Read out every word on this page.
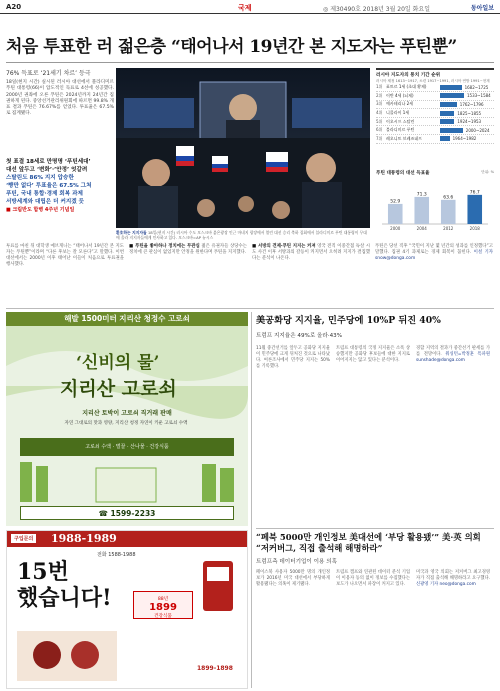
A20	국제	◎ 제30490호 2018년 3월 20일 화요일	동아일보
처음 투표한 러 젊은층 “태어나서 19년간 본 지도자는 푸틴뿐”
76% 득표로 ‘21세기 차르’ 등극
18일(현지 시간) 실시된 러시아 대선에서 블라디미르 푸틴 대통령(66)이 압도적인 득표로 4선에 성공했다. 2000년 권좌에 오른 푸틴은 2024년까지 24년간 집권하게 된다. 중앙선거관리위원회에 따르면 99.8% 개표 결과 푸틴은 76.67%를 얻었다. 투표율은 67.5%로 집계됐다.
첫 표결 18세로 만명명 ‘푸틴세대’
대선 앞두고 ‘변화’·’안정’ 엇갈려
스탈린도 86% 지지 압승한
‘빵만 없다’ 투표율은 67.5% 그쳐
푸틴, 국내 통합·경제 회복 과제
서방세계와 대립은 더 커지겠 듯
■ 크림반도 합병 4주년 기념일
환호하는 지지자들 18일(현지 시간) 러시아 수도 모스크바 붉은광장 인근 마네지 광장에서 열린 대선 승리 축하 집회에서 블라디미르 푸틴 대통령이 무대에 올라 지지자들에게 인사하고 있다. 모스크바=AP 뉴시스
러시아 지도자의 통치 기간 순위
러시아 제정 1613~1917, 소련 1917~1991, 러시아 연방 1991~현재
1위 표트르 1세 (초대 황제)	1682~1725
2위 이반 4세 (뇌제)	1533~1584
3위 예카테리나 2세	1762~1796
4위 니콜라이 1세	1825~1855
5위 이오시프 스탈린	1924~1953
6위 블라디미르 푸틴	2000~2024
7위 레오니트 브레즈네프	1964~1982
푸틴 대통령의 대선 득표율	단위: %
52.9
2000
71.3
2004
63.6
2012
76.7
2018
투표를 마친 뒤 대학생 예브게니는 “태어나서 19년간 본 지도자는 푸틴뿐”이라며 “다른 후보는 잘 모른다”고 말했다. 이번 대선에서는 2000년 이후 태어난 이들이 처음으로 투표권을 행사했다.
■ 푸틴을 좋아하나 정치에는 무관심 젊은 유권자들 상당수는 정치에 큰 관심이 없었지만 안정을 원한다며 푸틴을 지지했다.
■ 서방의 견제·푸틴 지지는 커져 영국 전직 이중간첩 독살 시도 사건 이후 서방과의 갈등이 커지면서 오히려 지지가 결집했다는 분석이 나온다.
푸틴은 당선 직후 “국민이 지난 몇 년간의 성과를 인정했다”고 말했다. 집권 4기 과제로는 경제 회복이 꼽힌다. 이설 기자 snow@donga.com
해발 1500미터 지리산 청정수 고로쇠
‘신비의 물’
지리산 고로쇠
지리산 토박이 고로쇠 직거래 판매
자연 그대로의 맛과 영양, 지리산 청정 자연이 키운 고로쇠 수액
고로쇠 수액 · 벌꿀 · 산나물 · 건강식품
☎ 1599-2233
美공화당 지지율, 민주당에 10%P 뒤진 40%
트럼프 지지율은 49%로 올라·43%
11월 중간선거를 앞두고 공화당 지지율이 민주당에 크게 뒤처진 것으로 나타났다. 여론조사에서 민주당 지지는 50%를 기록했다.
트럼프 대통령의 국정 지지율은 소폭 상승했지만 공화당 후보들에 대한 지지로 이어지지는 않고 있다는 분석이다.
경합 지역의 결과가 중간선거 판세를 가를 전망이다. 워싱턴=박정훈 특파원 sunshade@donga.com
구입문의 1988-1989
전화 1588-1988
15번
했습니다!	88년
1899
건강식품
1899-1898
“페북 5000만 개인정보 美대선에 ‘부당 활용됐’” 美·英 의회 “저커버그, 직접 출석해 해명하라”
트럼프측 데이터기업이 이용 의혹
페이스북 사용자 5000만 명의 개인정보가 2016년 미국 대선에서 부당하게 활용됐다는 의혹이 제기됐다.
트럼프 캠프와 연관된 데이터 분석 기업이 이용자 동의 없이 정보를 수집했다는 보도가 나오면서 파장이 커지고 있다.
미국과 영국 의회는 저커버그 최고경영자가 직접 출석해 해명하라고 요구했다. 신광영 기자 neo@donga.com
